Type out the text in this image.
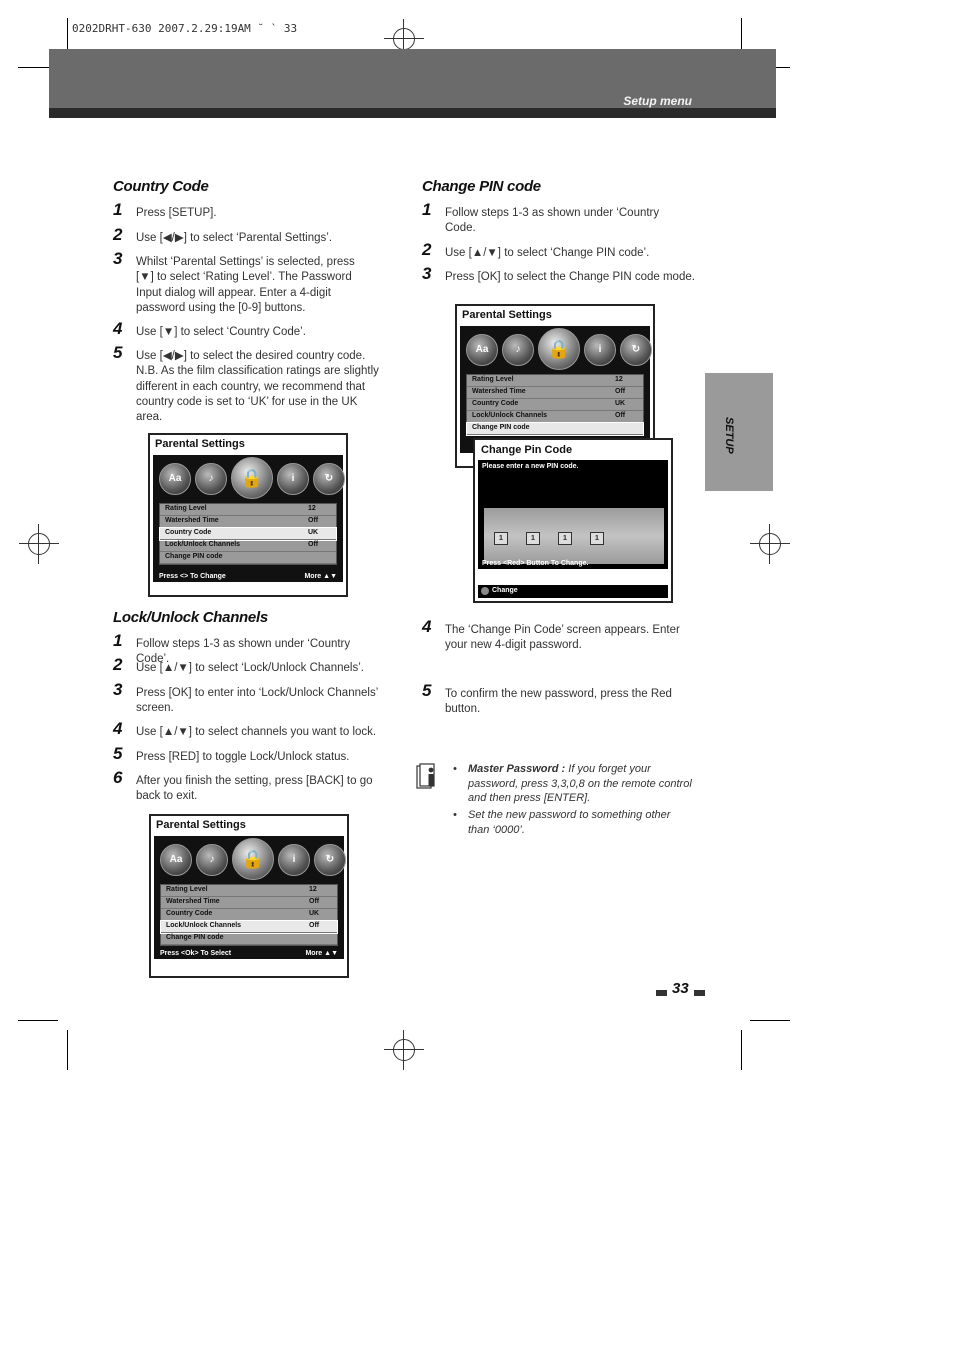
0202DRHT-630 2007.2.29:19AM ˘ ` 33
Setup menu
SETUP
Country Code
1 Press [SETUP].
2 Use [◀/▶] to select ‘Parental Settings’.
3 Whilst ‘Parental Settings’ is selected, press [▼] to select ‘Rating Level’. The Password Input dialog will appear. Enter a 4-digit password using the [0-9] buttons.
4 Use [▼] to select ‘Country Code’.
5 Use [◀/▶] to select the desired country code. N.B. As the film classification ratings are slightly different in each country, we recommend that country code is set to ‘UK’ for use in the UK area.
Parental Settings
Aa	♪	🔒	i	↻
Rating Level	12
Watershed Time	Off
Country Code	UK
Lock/Unlock Channels	Off
Change PIN code
Press <> To Change	More ▲▼
Lock/Unlock Channels
1 Follow steps 1-3 as shown under ‘Country Code’.
2 Use [▲/▼] to select ‘Lock/Unlock Channels’.
3 Press [OK] to enter into ‘Lock/Unlock Channels’ screen.
4 Use [▲/▼] to select channels you want to lock.
5 Press [RED] to toggle Lock/Unlock status.
6 After you finish the setting, press [BACK] to go back to exit.
Parental Settings
Aa	♪	🔒	i	↻
Rating Level	12
Watershed Time	Off
Country Code	UK
Lock/Unlock Channels	Off
Change PIN code
Press <Ok> To Select	More ▲▼
Change PIN code
1 Follow steps 1-3 as shown under ‘Country Code.
2 Use [▲/▼] to select ‘Change PIN code’.
3 Press [OK] to select the Change PIN code mode.
Parental Settings
Aa	♪	🔒	i	↻
Rating Level	12
Watershed Time	Off
Country Code	UK
Lock/Unlock Channels	Off
Change PIN code
Change Pin Code
Please enter a new PIN code.
1	1	1	1
Press <Red> Button To Change.
Change
4 The ‘Change Pin Code’ screen appears. Enter your new 4-digit password.
5 To confirm the new password, press the Red button.
• Master Password : If you forget your password, press 3,3,0,8 on the remote control and then press [ENTER].
• Set the new password to something other than ‘0000’.
33
